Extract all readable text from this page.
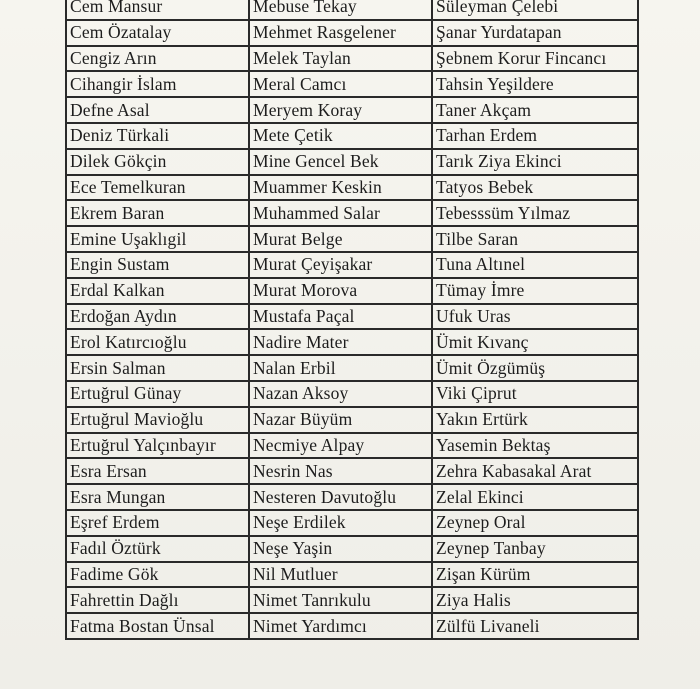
Cem Mansur	Mebuse Tekay	Süleyman Çelebi
Cem Özatalay	Mehmet Rasgelener	Şanar Yurdatapan
Cengiz Arın	Melek Taylan	Şebnem Korur Fincancı
Cihangir İslam	Meral Camcı	Tahsin Yeşildere
Defne Asal	Meryem Koray	Taner Akçam
Deniz Türkali	Mete Çetik	Tarhan Erdem
Dilek Gökçin	Mine Gencel Bek	Tarık Ziya Ekinci
Ece Temelkuran	Muammer Keskin	Tatyos Bebek
Ekrem Baran	Muhammed Salar	Tebesssüm Yılmaz
Emine Uşaklıgil	Murat Belge	Tilbe Saran
Engin Sustam	Murat Çeyişakar	Tuna Altınel
Erdal Kalkan	Murat Morova	Tümay İmre
Erdoğan Aydın	Mustafa Paçal	Ufuk Uras
Erol Katırcıoğlu	Nadire Mater	Ümit Kıvanç
Ersin Salman	Nalan Erbil	Ümit Özgümüş
Ertuğrul Günay	Nazan Aksoy	Viki Çiprut
Ertuğrul Mavioğlu	Nazar Büyüm	Yakın Ertürk
Ertuğrul Yalçınbayır	Necmiye Alpay	Yasemin Bektaş
Esra Ersan	Nesrin Nas	Zehra Kabasakal Arat
Esra Mungan	Nesteren Davutoğlu	Zelal Ekinci
Eşref Erdem	Neşe Erdilek	Zeynep Oral
Fadıl Öztürk	Neşe Yaşin	Zeynep Tanbay
Fadime Gök	Nil Mutluer	Zişan Kürüm
Fahrettin Dağlı	Nimet Tanrıkulu	Ziya Halis
Fatma Bostan Ünsal	Nimet Yardımcı	Zülfü Livaneli
